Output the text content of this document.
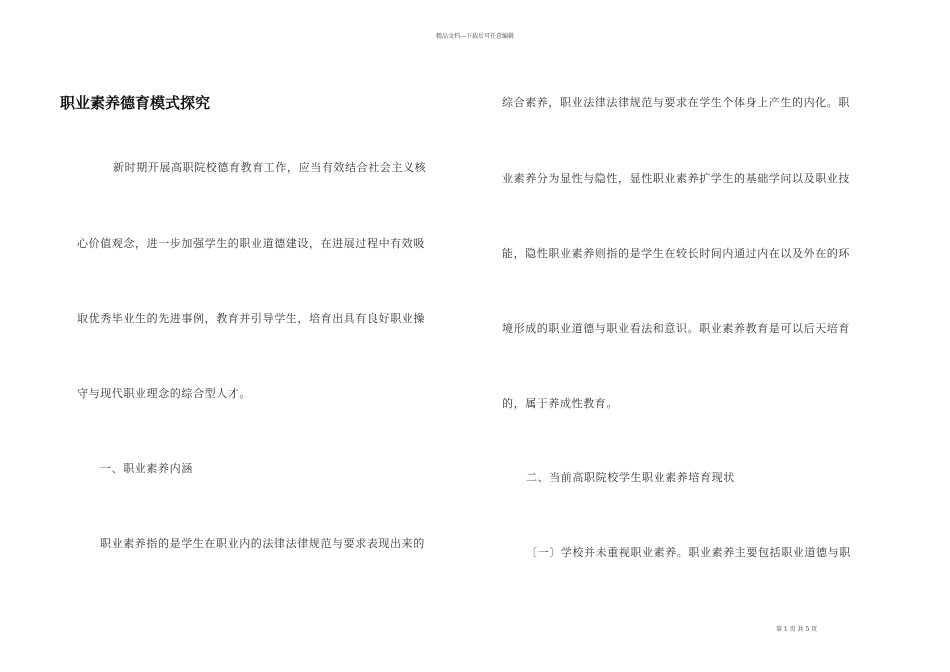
精品文档---下载后可任意编辑
职业素养德育模式探究
新时期开展高职院校德育教育工作，应当有效结合社会主义核
心价值观念，进一步加强学生的职业道德建设，在进展过程中有效吸
取优秀毕业生的先进事例，教育并引导学生，培育出具有良好职业操
守与现代职业理念的综合型人才。
一、职业素养内涵
职业素养指的是学生在职业内的法律法律规范与要求表现出来的
综合素养，职业法律法律规范与要求在学生个体身上产生的内化。职
业素养分为显性与隐性，显性职业素养扩学生的基础学问以及职业技
能，隐性职业素养则指的是学生在较长时间内通过内在以及外在的环
境形成的职业道德与职业看法和意识。职业素养教育是可以后天培育
的，属于养成性教育。
二、当前高职院校学生职业素养培育现状
〔一〕学校并未重视职业素养。职业素养主要包括职业道德与职
第 1 页 共 5 页
